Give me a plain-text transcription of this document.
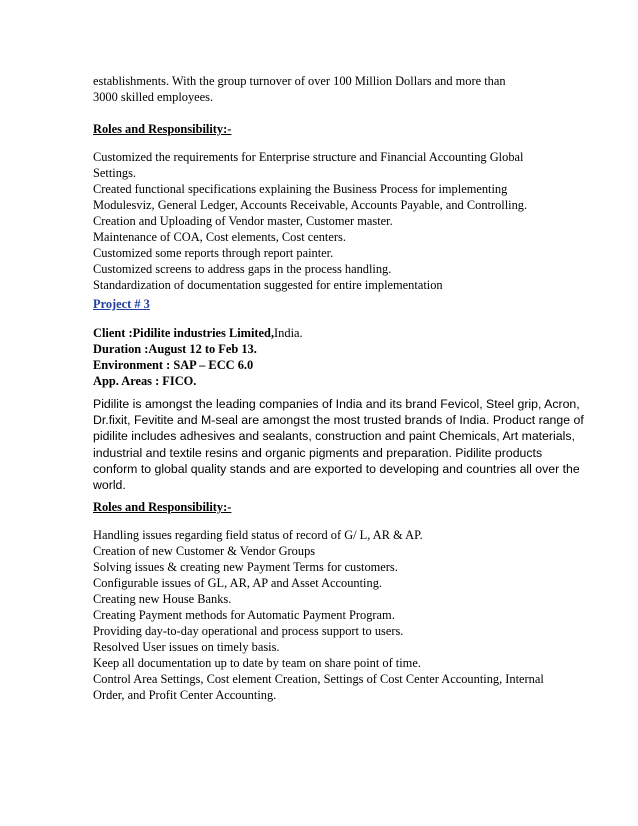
establishments. With the group turnover of over 100 Million Dollars and more than
3000 skilled employees.
Roles and Responsibility:-
Customized the requirements for Enterprise structure and Financial Accounting Global
Settings.
Created functional specifications explaining the Business Process for implementing
Modulesviz, General Ledger, Accounts Receivable, Accounts Payable, and Controlling.
Creation and Uploading of Vendor master, Customer master.
Maintenance of COA, Cost elements, Cost centers.
Customized some reports through report painter.
Customized screens to address gaps in the process handling.
Standardization of documentation suggested for entire implementation
Project # 3
Client :Pidilite industries Limited,India.
Duration :August 12 to Feb 13.
Environment : SAP – ECC 6.0
App. Areas : FICO.
Pidilite is amongst the leading companies of India and its brand Fevicol, Steel grip, Acron,
Dr.fixit, Fevitite and M-seal are amongst the most trusted brands of India. Product range of
pidilite includes adhesives and sealants, construction and paint Chemicals, Art materials,
industrial and textile resins and organic pigments and preparation. Pidilite products
conform to global quality stands and are exported to developing and countries all over the
world.
Roles and Responsibility:-
Handling issues regarding field status of record of G/ L, AR & AP.
Creation of new Customer & Vendor Groups
Solving issues & creating new Payment Terms for customers.
Configurable issues of GL, AR, AP and Asset Accounting.
Creating new House Banks.
Creating Payment methods for Automatic Payment Program.
Providing day-to-day operational and process support to users.
Resolved User issues on timely basis.
Keep all documentation up to date by team on share point of time.
Control Area Settings, Cost element Creation, Settings of Cost Center Accounting, Internal
Order, and Profit Center Accounting.
